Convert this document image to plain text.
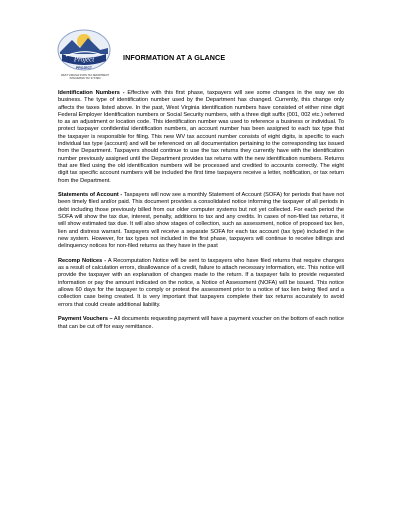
Project
PROJECT
WEST VIRGINIA STATE TAX DEPARTMENT INTEGRATED TAX SYSTEM
INFORMATION AT A GLANCE

Identification Numbers - Effective with this first phase, taxpayers will see some changes in the way we do business. The type of identification number used by the Department has changed. Currently, this change only affects the taxes listed above. In the past, West Virginia identification numbers have consisted of either nine digit Federal Employer Identification numbers or Social Security numbers, with a three digit suffix (001, 002 etc.) referred to as an adjustment or location code. This identification number was used to reference a business or individual. To protect taxpayer confidential identification numbers, an account number has been assigned to each tax type that the taxpayer is responsible for filing. This new WV tax account number consists of eight digits, is specific to each individual tax type (account) and will be referenced on all documentation pertaining to the corresponding tax issued from the Department. Taxpayers should continue to use the tax returns they currently have with the identification number previously assigned until the Department provides tax returns with the new identification numbers. Returns that are filed using the old identification numbers will be processed and credited to accounts correctly. The eight digit tax specific account numbers will be included the first time taxpayers receive a letter, notification, or tax return from the Department.

Statements of Account - Taxpayers will now see a monthly Statement of Account (SOFA) for periods that have not been timely filed and/or paid. This document provides a consolidated notice informing the taxpayer of all periods in debt including those previously billed from our older computer systems but not yet collected. For each period the SOFA will show the tax due, interest, penalty, additions to tax and any credits. In cases of non-filed tax returns, it will show estimated tax due. It will also show stages of collection, such as assessment, notice of proposed tax lien, lien and distress warrant. Taxpayers will receive a separate SOFA for each tax account (tax type) included in the new system. However, for tax types not included in the first phase, taxpayers will continue to receive billings and delinquency notices for non-filed returns as they have in the past

Recomp Notices - A Recomputation Notice will be sent to taxpayers who have filed returns that require changes as a result of calculation errors, disallowance of a credit, failure to attach necessary information, etc. This notice will provide the taxpayer with an explanation of changes made to the return. If a taxpayer fails to provide requested information or pay the amount indicated on the notice, a Notice of Assessment (NOFA) will be issued. This notice allows 60 days for the taxpayer to comply or protest the assessment prior to a notice of tax lien being filed and a collection case being created. It is very important that taxpayers complete their tax returns accurately to avoid errors that could create additional liability.

Payment Vouchers – All documents requesting payment will have a payment voucher on the bottom of each notice that can be cut off for easy remittance.
